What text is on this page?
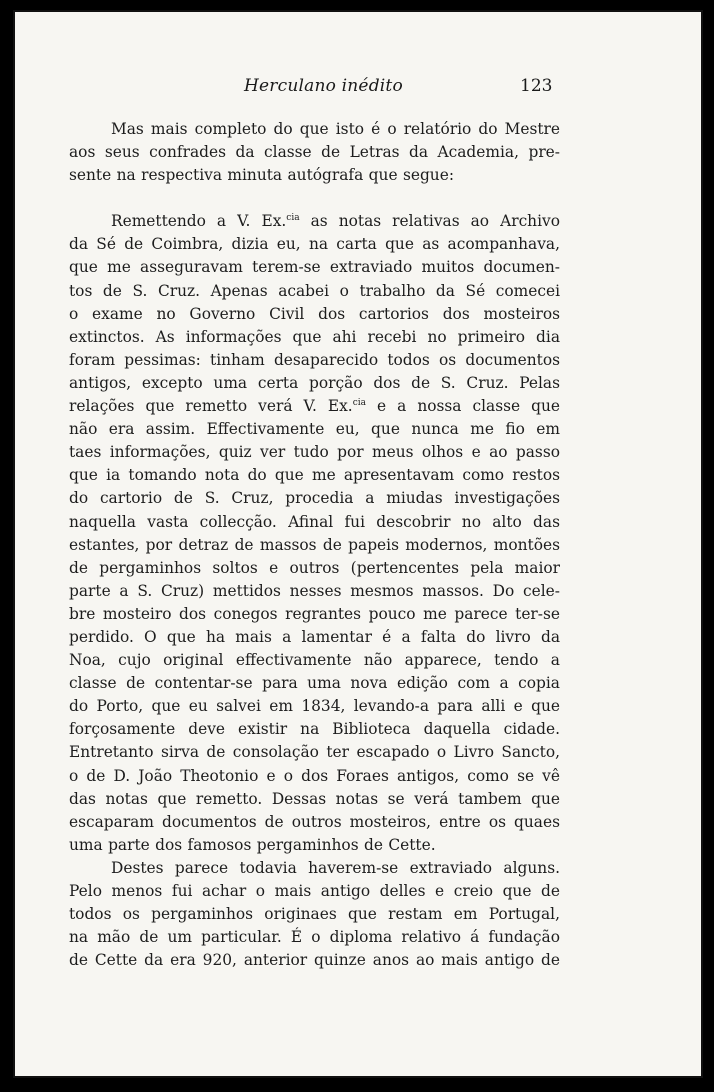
Herculano inédito	123
Mas mais completo do que isto é o relatório do Mestre
aos seus confrades da classe de Letras da Academia, pre-
sente na respectiva minuta autógrafa que segue:
Remettendo a V. Ex.$^{cia}$ as notas relativas ao Archivo
da Sé de Coimbra, dizia eu, na carta que as acompanhava,
que me asseguravam terem-se extraviado muitos documen-
tos de S. Cruz. Apenas acabei o trabalho da Sé comecei
o exame no Governo Civil dos cartorios dos mosteiros
extinctos. As informações que ahi recebi no primeiro dia
foram pessimas: tinham desaparecido todos os documentos
antigos, excepto uma certa porção dos de S. Cruz. Pelas
relações que remetto verá V. Ex.$^{cia}$ e a nossa classe que
não era assim. Effectivamente eu, que nunca me fio em
taes informações, quiz ver tudo por meus olhos e ao passo
que ia tomando nota do que me apresentavam como restos
do cartorio de S. Cruz, procedia a miudas investigações
naquella vasta collecção. Afinal fui descobrir no alto das
estantes, por detraz de massos de papeis modernos, montões
de pergaminhos soltos e outros (pertencentes pela maior
parte a S. Cruz) mettidos nesses mesmos massos. Do cele-
bre mosteiro dos conegos regrantes pouco me parece ter-se
perdido. O que ha mais a lamentar é a falta do livro da
Noa, cujo original effectivamente não apparece, tendo a
classe de contentar-se para uma nova edição com a copia
do Porto, que eu salvei em 1834, levando-a para alli e que
forçosamente deve existir na Biblioteca daquella cidade.
Entretanto sirva de consolação ter escapado o Livro Sancto,
o de D. João Theotonio e o dos Foraes antigos, como se vê
das notas que remetto. Dessas notas se verá tambem que
escaparam documentos de outros mosteiros, entre os quaes
uma parte dos famosos pergaminhos de Cette.
Destes parece todavia haverem-se extraviado alguns.
Pelo menos fui achar o mais antigo delles e creio que de
todos os pergaminhos originaes que restam em Portugal,
na mão de um particular. É o diploma relativo á fundação
de Cette da era 920, anterior quinze anos ao mais antigo de
